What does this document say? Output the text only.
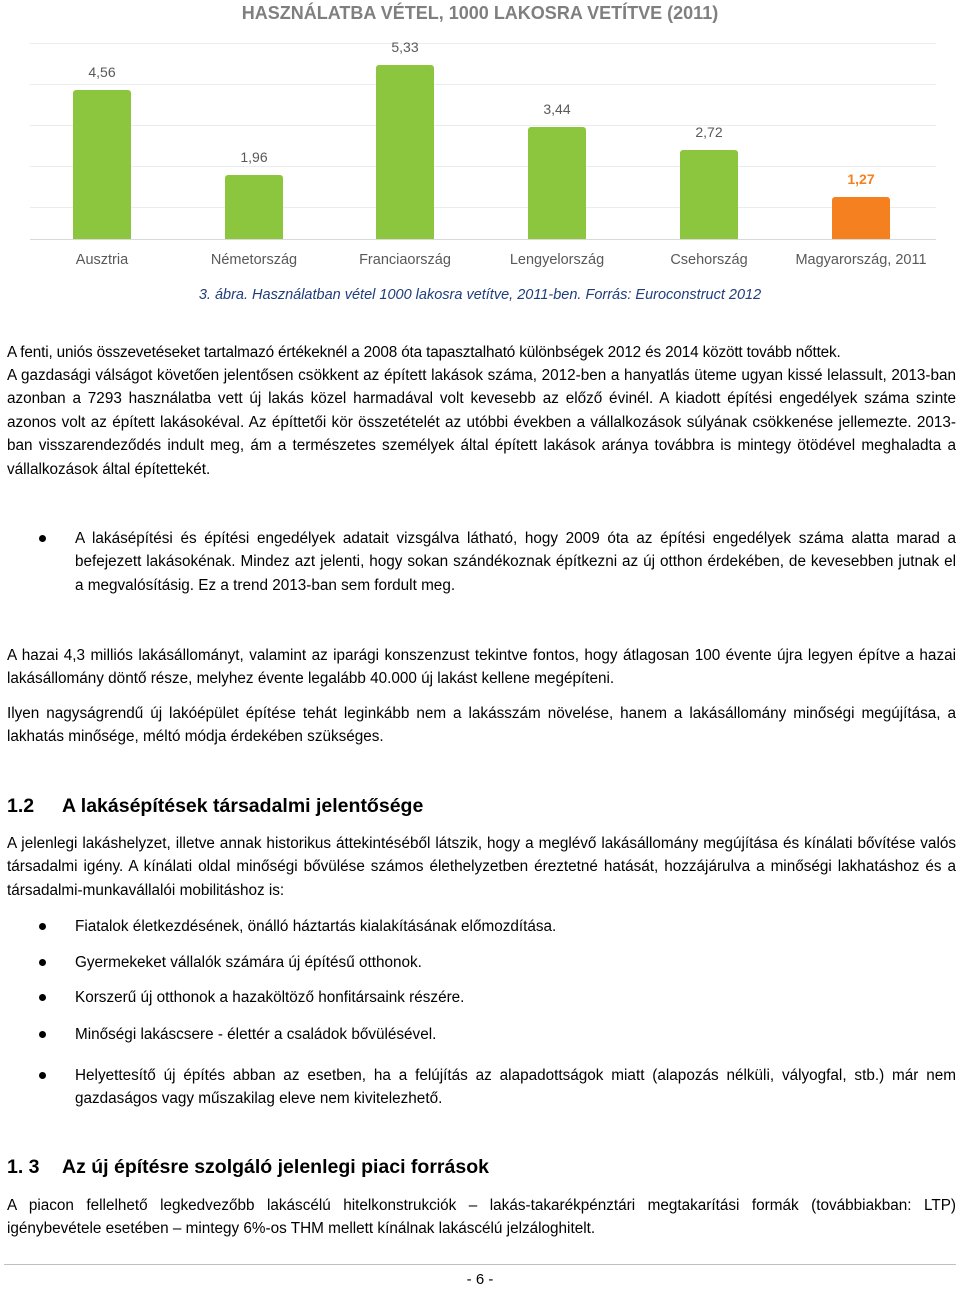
HASZNÁLATBA VÉTEL, 1000 LAKOSRA VETÍTVE (2011)
4,56
Ausztria
1,96
Németország
5,33
Franciaország
3,44
Lengyelország
2,72
Csehország
1,27
Magyarország, 2011
3. ábra. Használatban vétel 1000 lakosra vetítve, 2011-ben. Forrás: Euroconstruct 2012
A fenti, uniós összevetéseket tartalmazó értékeknél a 2008 óta tapasztalható különbségek 2012 és 2014 között tovább nőttek.
A gazdasági válságot követően jelentősen csökkent az épített lakások száma, 2012-ben a hanyatlás üteme ugyan kissé lelassult, 2013-ban azonban a 7293 használatba vett új lakás közel harmadával volt kevesebb az előző évinél. A kiadott építési engedélyek száma szinte azonos volt az épített lakásokéval. Az építtetői kör összetételét az utóbbi években a vállalkozások súlyának csökkenése jellemezte. 2013-ban visszarendeződés indult meg, ám a természetes személyek által épített lakások aránya továbbra is mintegy ötödével meghaladta a vállalkozások által építettekét.
A lakásépítési és építési engedélyek adatait vizsgálva látható, hogy 2009 óta az építési engedélyek száma alatta marad a befejezett lakásokénak. Mindez azt jelenti, hogy sokan szándékoznak építkezni az új otthon érdekében, de kevesebben jutnak el a megvalósításig. Ez a trend 2013-ban sem fordult meg.
A hazai 4,3 milliós lakásállományt, valamint az iparági konszenzust tekintve fontos, hogy átlagosan 100 évente újra legyen építve a hazai lakásállomány döntő része, melyhez évente legalább 40.000 új lakást kellene megépíteni.
Ilyen nagyságrendű új lakóépület építése tehát leginkább nem a lakásszám növelése, hanem a lakásállomány minőségi megújítása, a lakhatás minősége, méltó módja érdekében szükséges.
1.2 A lakásépítések társadalmi jelentősége
A jelenlegi lakáshelyzet, illetve annak historikus áttekintéséből látszik, hogy a meglévő lakásállomány megújítása és kínálati bővítése valós társadalmi igény. A kínálati oldal minőségi bővülése számos élethelyzetben éreztetné hatását, hozzájárulva a minőségi lakhatáshoz és a társadalmi-munkavállalói mobilitáshoz is:
Fiatalok életkezdésének, önálló háztartás kialakításának előmozdítása.
Gyermekeket vállalók számára új építésű otthonok.
Korszerű új otthonok a hazaköltöző honfitársaink részére.
Minőségi lakáscsere - élettér a családok bővülésével.
Helyettesítő új építés abban az esetben, ha a felújítás az alapadottságok miatt (alapozás nélküli, vályogfal, stb.) már nem gazdaságos vagy műszakilag eleve nem kivitelezhető.
1. 3 Az új építésre szolgáló jelenlegi piaci források
A piacon fellelhető legkedvezőbb lakáscélú hitelkonstrukciók – lakás-takarékpénztári megtakarítási formák (továbbiakban: LTP) igénybevétele esetében – mintegy 6%-os THM mellett kínálnak lakáscélú jelzáloghitelt.
- 6 -
